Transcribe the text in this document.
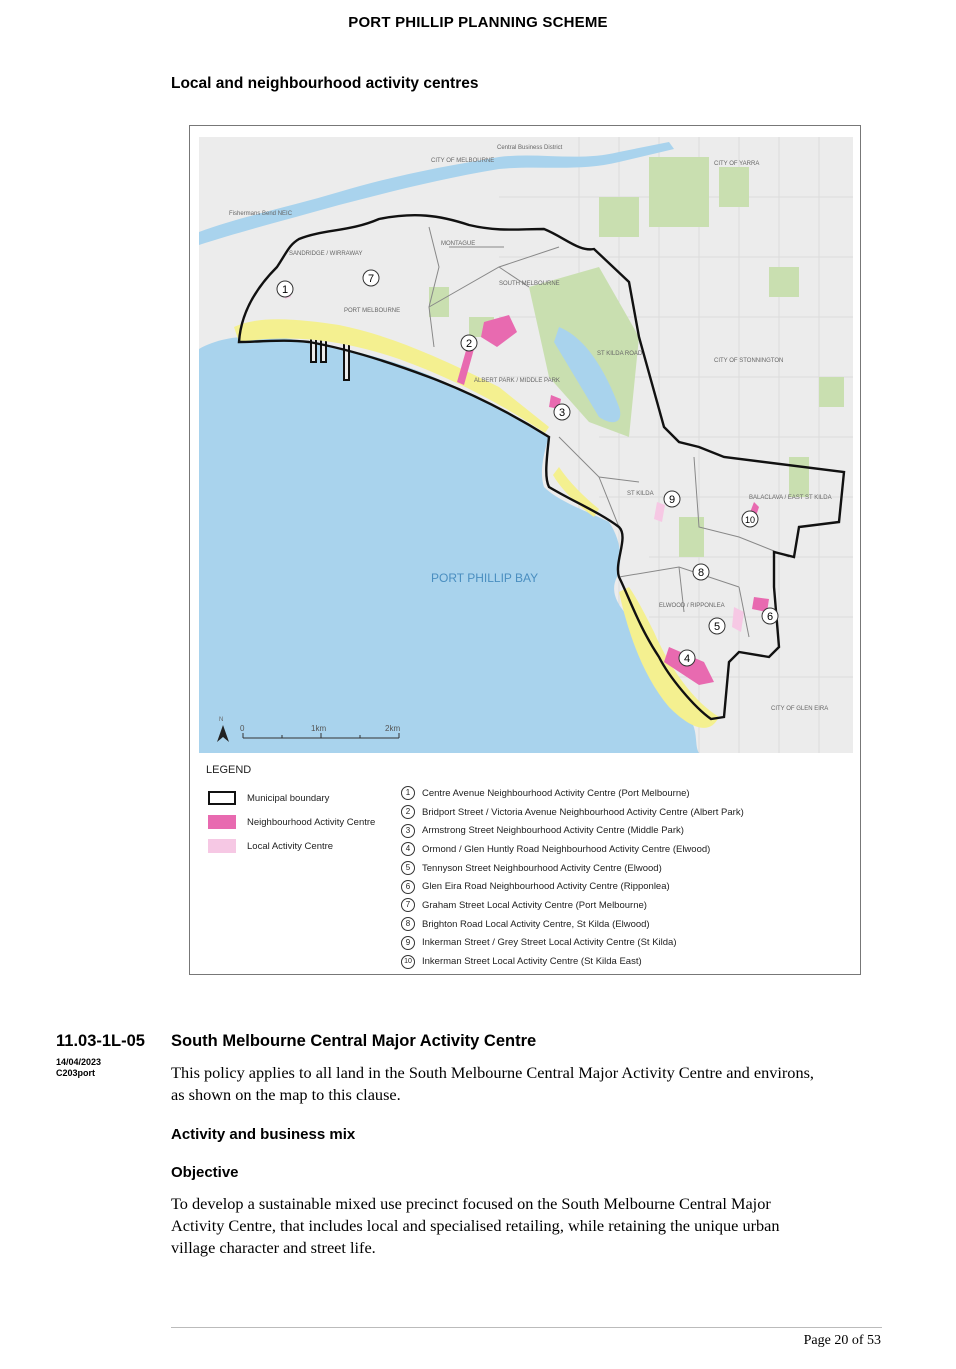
PORT PHILLIP PLANNING SCHEME
Local and neighbourhood activity centres
Central Business District
CITY OF MELBOURNE	CITY OF YARRA
Fishermans Bend NEIC
SANDRIDGE / WIRRAWAY
MONTAGUE
SOUTH MELBOURNE
PORT MELBOURNE
ST KILDA ROAD
CITY OF STONNINGTON
ALBERT PARK / MIDDLE PARK
ST KILDA
BALACLAVA / EAST ST KILDA
PORT PHILLIP BAY
ELWOOD / RIPPONLEA
CITY OF GLEN EIRA
1
2
3
4
5
6
7
8
9
10
N
0	1km	2km
LEGEND
Municipal boundary
Neighbourhood Activity Centre
Local Activity Centre
1	Centre Avenue Neighbourhood Activity Centre (Port Melbourne)
2	Bridport Street / Victoria Avenue Neighbourhood Activity Centre (Albert Park)
3	Armstrong Street Neighbourhood Activity Centre (Middle Park)
4	Ormond / Glen Huntly Road Neighbourhood Activity Centre (Elwood)
5	Tennyson Street Neighbourhood Activity Centre (Elwood)
6	Glen Eira Road Neighbourhood Activity Centre (Ripponlea)
7	Graham Street Local Activity Centre (Port Melbourne)
8	Brighton Road Local Activity Centre, St Kilda (Elwood)
9	Inkerman Street / Grey Street Local Activity Centre (St Kilda)
10	Inkerman Street Local Activity Centre (St Kilda East)
11.03-1L-05
14/04/2023
C203port
South Melbourne Central Major Activity Centre
This policy applies to all land in the South Melbourne Central Major Activity Centre and environs,
as shown on the map to this clause.
Activity and business mix
Objective
To develop a sustainable mixed use precinct focused on the South Melbourne Central Major
Activity Centre, that includes local and specialised retailing, while retaining the unique urban
village character and street life.
Page 20 of 53
